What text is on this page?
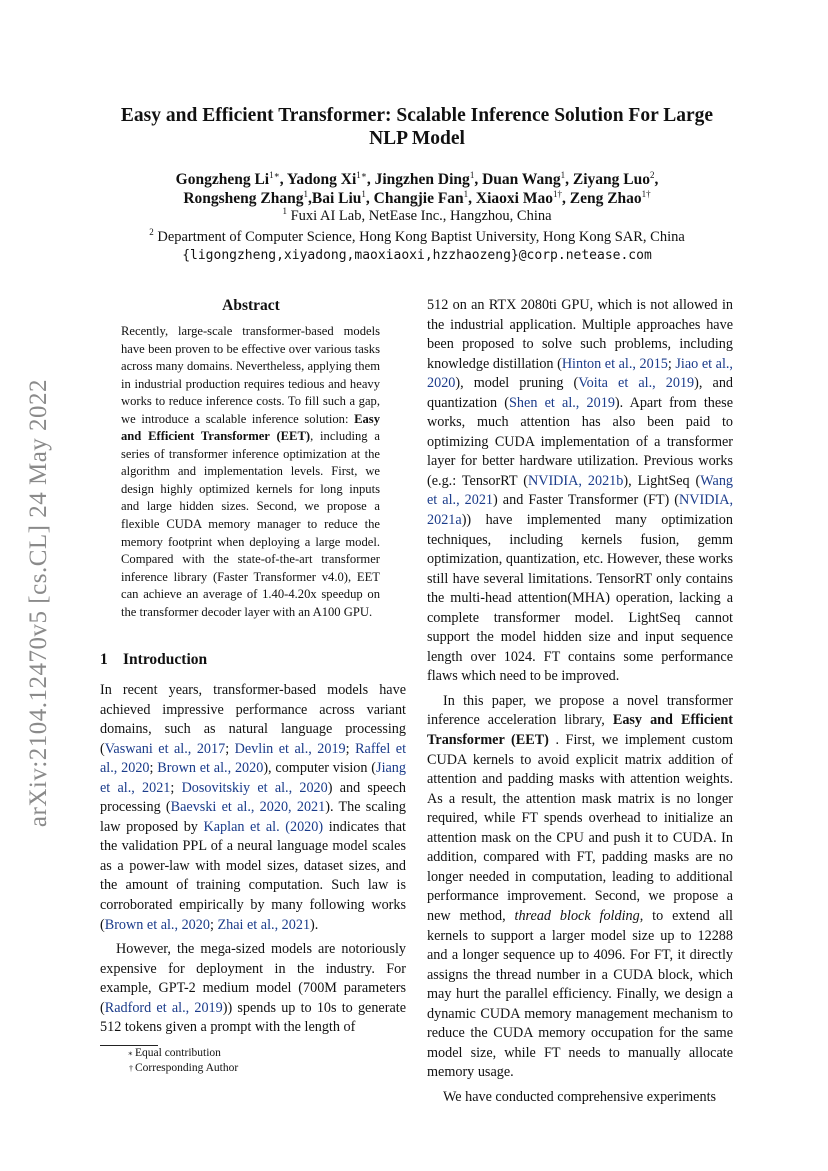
arXiv:2104.12470v5 [cs.CL] 24 May 2022
Easy and Efficient Transformer: Scalable Inference Solution For Large
NLP Model
Gongzheng $Li^{1∗}$, Yadong $Xi^{1∗}$, Jingzhen Ding$^1$, Duan Wang$^1$, Ziyang Luo$^2$,
Rongsheng Zhang$^1$,Bai Liu$^1$, Changjie Fan$^1$, Xiaoxi Mao$^{1\dagger}$, Zeng Zhao$^{1\dagger}$
$^1$ Fuxi AI Lab, NetEase Inc., Hangzhou, China
$^2$ Department of Computer Science, Hong Kong Baptist University, Hong Kong SAR, China
{ligongzheng,xiyadong,maoxiaoxi,hzzhaozeng}@corp.netease.com
Abstract
Recently, large-scale transformer-based models have been proven to be effective over various tasks across many domains. Nevertheless, applying them in industrial production requires tedious and heavy works to reduce inference costs. To fill such a gap, we introduce a scalable inference solution: Easy and Efficient Transformer (EET), including a series of transformer inference optimization at the algorithm and implementation levels. First, we design highly optimized kernels for long inputs and large hidden sizes. Second, we propose a flexible CUDA memory manager to reduce the memory footprint when deploying a large model. Compared with the state-of-the-art transformer inference library (Faster Transformer v4.0), EET can achieve an average of 1.40-4.20x speedup on the transformer decoder layer with an A100 GPU.
1 Introduction

In recent years, transformer-based models have achieved impressive performance across variant domains, such as natural language processing (Vaswani et al., 2017; Devlin et al., 2019; Raffel et al., 2020; Brown et al., 2020), computer vision (Jiang et al., 2021; Dosovitskiy et al., 2020) and speech processing (Baevski et al., 2020, 2021). The scaling law proposed by Kaplan et al. (2020) indicates that the validation PPL of a neural language model scales as a power-law with model sizes, dataset sizes, and the amount of training computation. Such law is corroborated empirically by many following works (Brown et al., 2020; Zhai et al., 2021).

However, the mega-sized models are notoriously expensive for deployment in the industry. For example, GPT-2 medium model (700M parameters (Radford et al., 2019)) spends up to 10s to generate 512 tokens given a prompt with the length of

512 on an RTX 2080ti GPU, which is not allowed in the industrial application. Multiple approaches have been proposed to solve such problems, including knowledge distillation (Hinton et al., 2015; Jiao et al., 2020), model pruning (Voita et al., 2019), and quantization (Shen et al., 2019). Apart from these works, much attention has also been paid to optimizing CUDA implementation of a transformer layer for better hardware utilization. Previous works (e.g.: TensorRT (NVIDIA, 2021b), LightSeq (Wang et al., 2021) and Faster Transformer (FT) (NVIDIA, 2021a)) have implemented many optimization techniques, including kernels fusion, gemm optimization, quantization, etc. However, these works still have several limitations. TensorRT only contains the multi-head attention(MHA) operation, lacking a complete transformer model. LightSeq cannot support the model hidden size and input sequence length over 1024. FT contains some performance flaws which need to be improved.

In this paper, we propose a novel transformer inference acceleration library, Easy and Efficient Transformer (EET) . First, we implement custom CUDA kernels to avoid explicit matrix addition of attention and padding masks with attention weights. As a result, the attention mask matrix is no longer required, while FT spends overhead to initialize an attention mask on the CPU and push it to CUDA. In addition, compared with FT, padding masks are no longer needed in computation, leading to additional performance improvement. Second, we propose a new method, thread block folding, to extend all kernels to support a larger model size up to 12288 and a longer sequence up to 4096. For FT, it directly assigns the thread number in a CUDA block, which may hurt the parallel efficiency. Finally, we design a dynamic CUDA memory management mechanism to reduce the CUDA memory occupation for the same model size, while FT needs to manually allocate memory usage.

We have conducted comprehensive experiments

∗ Equal contribution
† Corresponding Author
